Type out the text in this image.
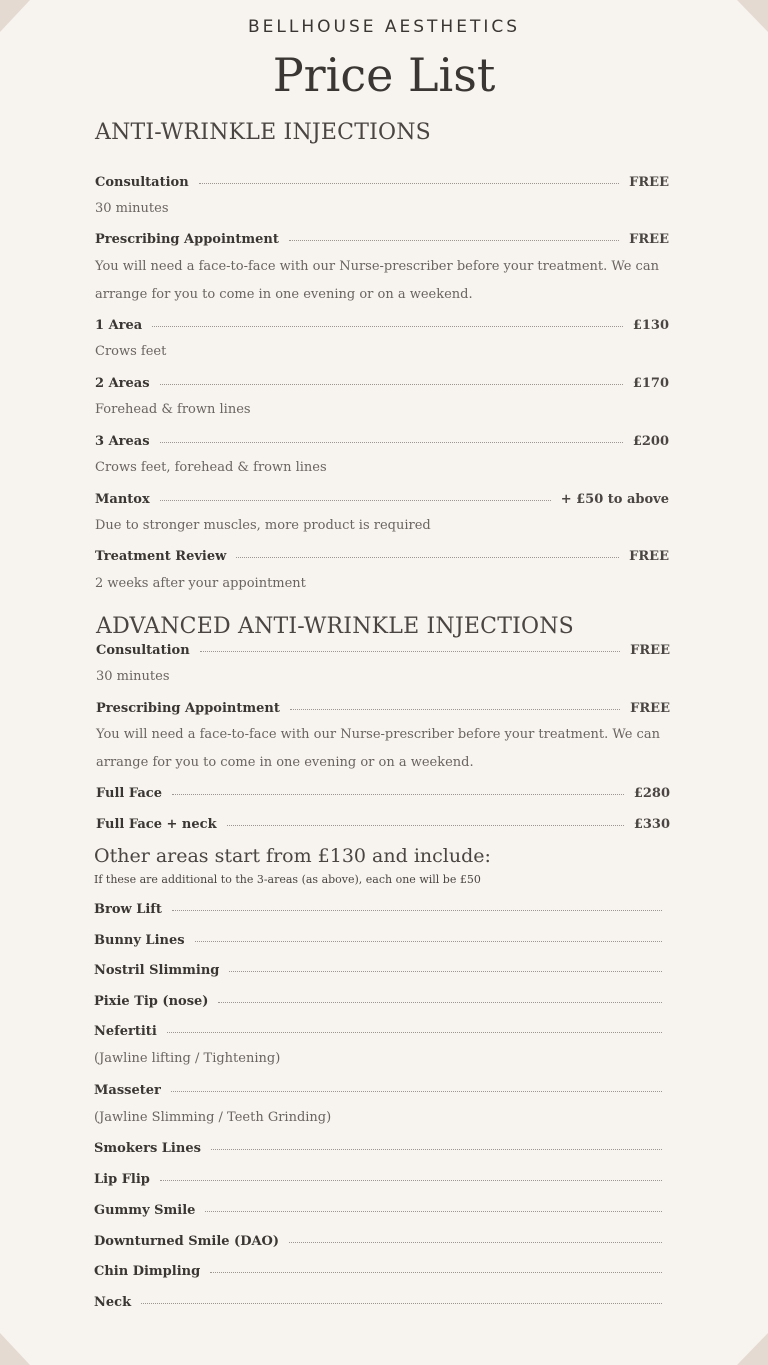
BELLHOUSE AESTHETICS
Price List
ANTI-WRINKLE INJECTIONS
Consultation	FREE
30 minutes
Prescribing Appointment	FREE
You will need a face-to-face with our Nurse-prescriber before your treatment. We can arrange for you to come in one evening or on a weekend.
1 Area	£130
Crows feet
2 Areas	£170
Forehead & frown lines
3 Areas	£200
Crows feet, forehead & frown lines
Mantox	+ £50 to above
Due to stronger muscles, more product is required
Treatment Review	FREE
2 weeks after your appointment
ADVANCED ANTI-WRINKLE INJECTIONS
Consultation	FREE
30 minutes
Prescribing Appointment	FREE
You will need a face-to-face with our Nurse-prescriber before your treatment. We can arrange for you to come in one evening or on a weekend.
Full Face	£280
Full Face + neck	£330
Other areas start from £130 and include:
If these are additional to the 3-areas (as above), each one will be £50
Brow Lift
Bunny Lines
Nostril Slimming
Pixie Tip (nose)
Nefertiti
(Jawline lifting / Tightening)
Masseter
(Jawline Slimming / Teeth Grinding)
Smokers Lines
Lip Flip
Gummy Smile
Downturned Smile (DAO)
Chin Dimpling
Neck
